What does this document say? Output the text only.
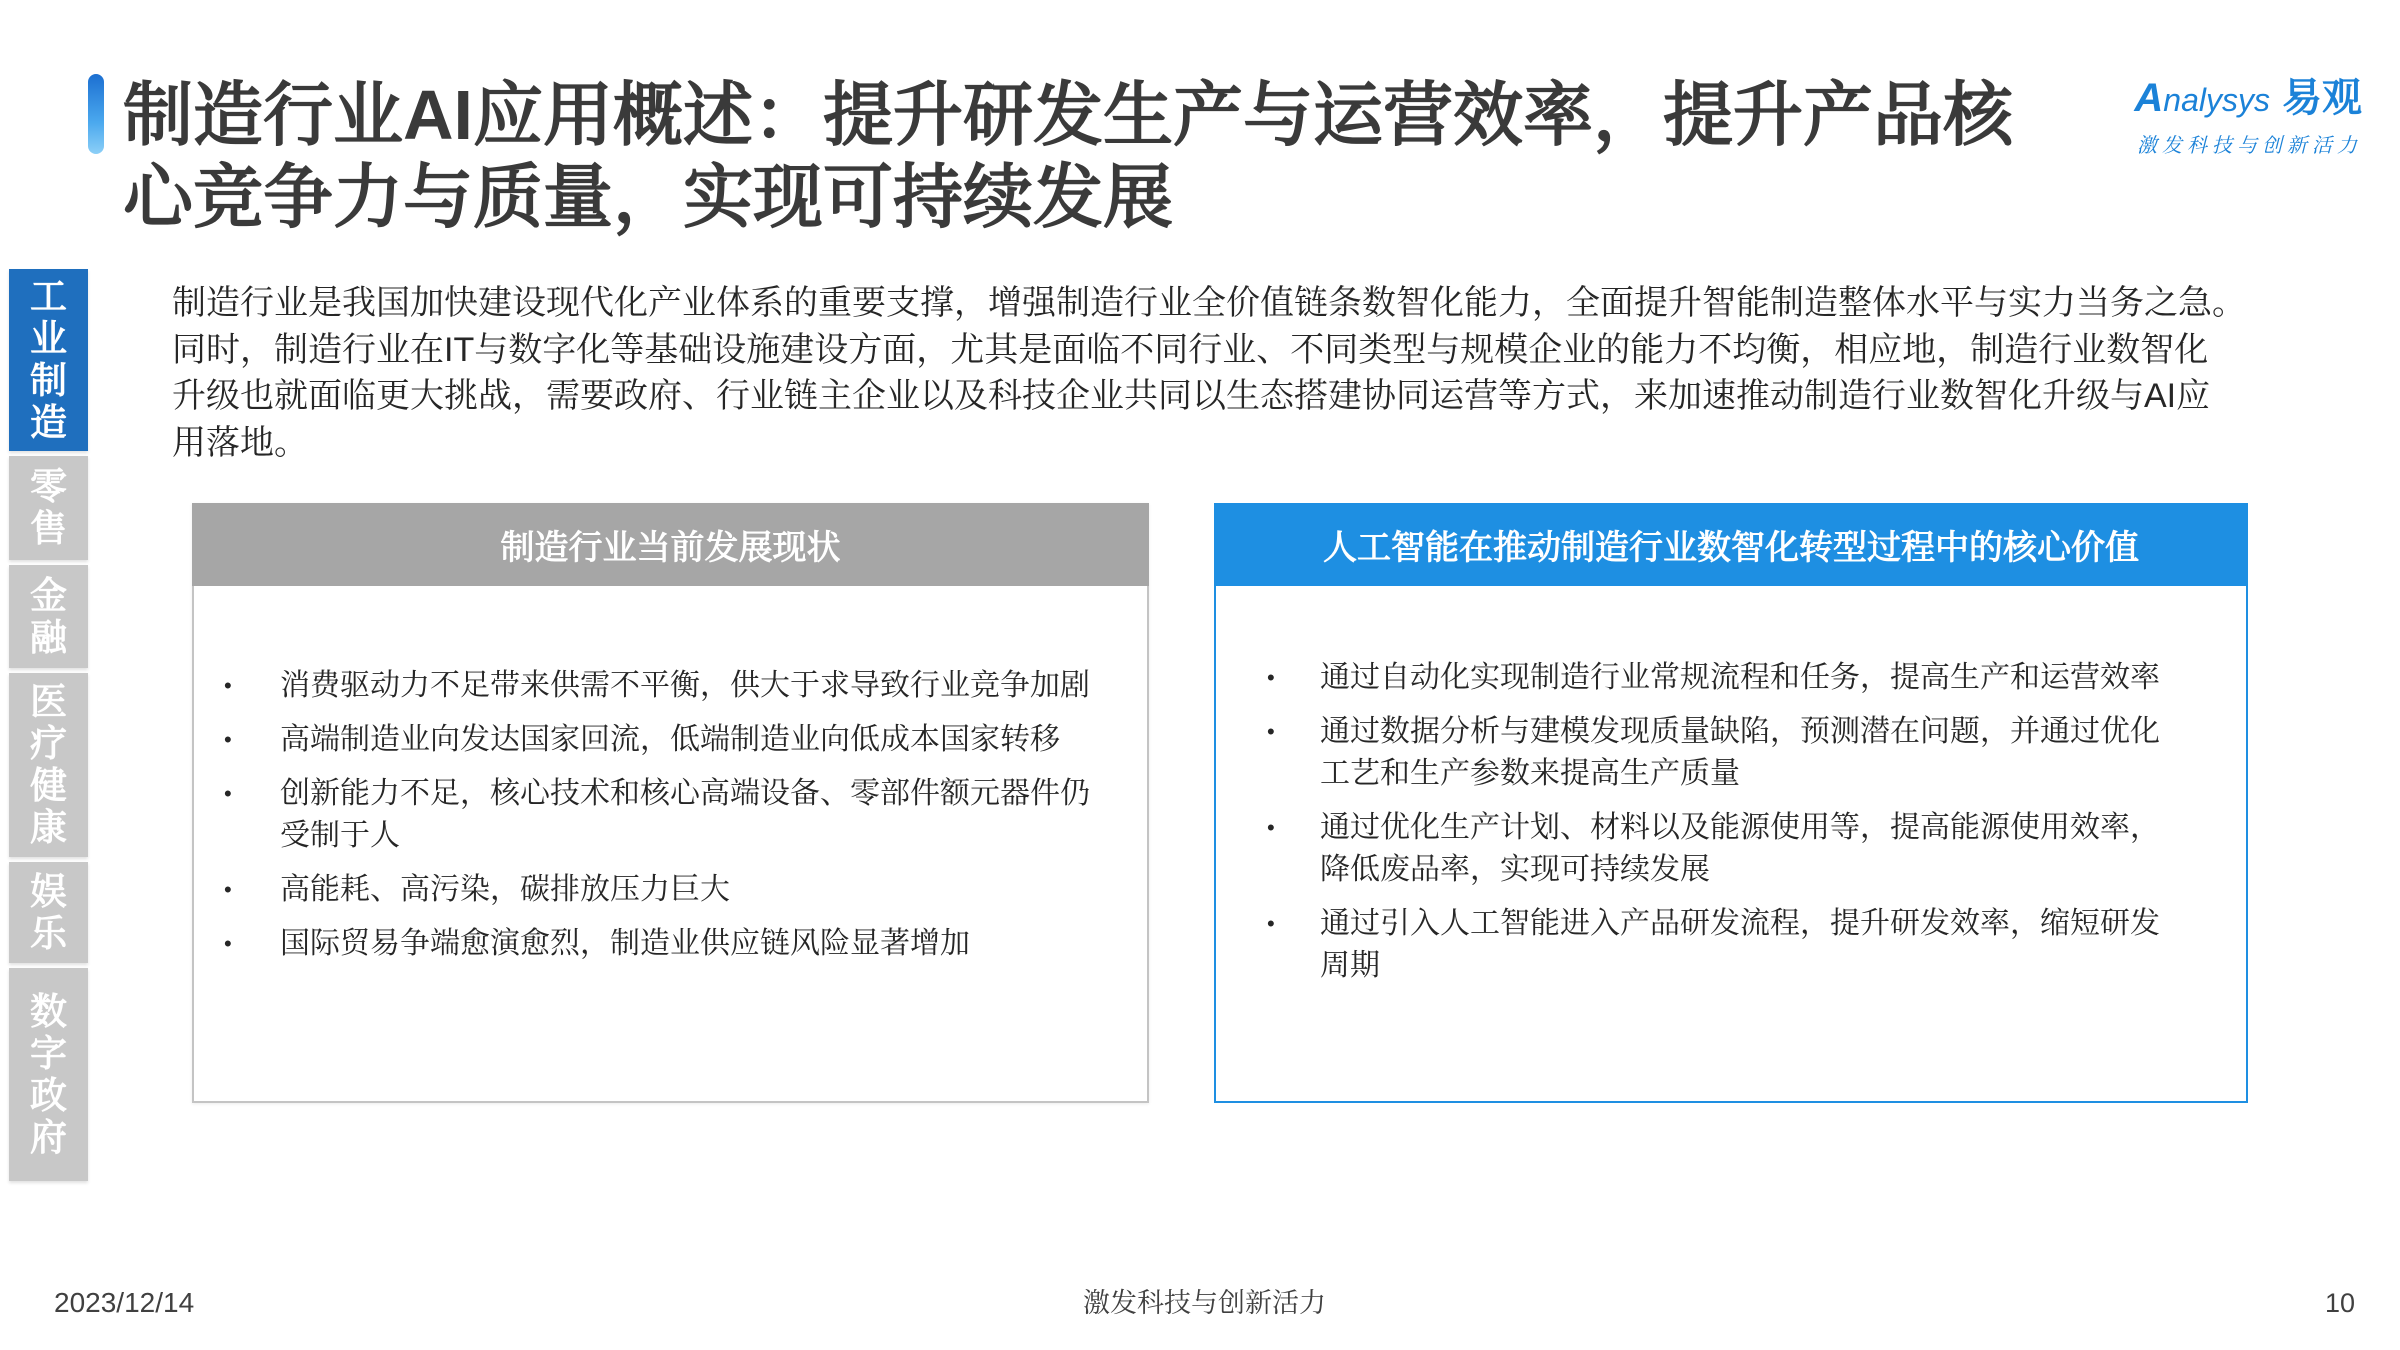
制造行业AI应用概述：提升研发生产与运营效率，提升产品核
心竞争力与质量，实现可持续发展
Analysys 易观
激发科技与创新活力
工业制造
零售
金融
医疗健康
娱乐
数字政府

制造行业是我国加快建设现代化产业体系的重要支撑，增强制造行业全价值链条数智化能力，全面提升智能制造整体水平与实力当务之急。
同时，制造行业在IT与数字化等基础设施建设方面，尤其是面临不同行业、不同类型与规模企业的能力不均衡，相应地，制造行业数智化
升级也就面临更大挑战，需要政府、行业链主企业以及科技企业共同以生态搭建协同运营等方式，来加速推动制造行业数智化升级与AI应
用落地。

制造行业当前发展现状
•
消费驱动力不足带来供需不平衡，供大于求导致行业竞争加剧
•
高端制造业向发达国家回流，低端制造业向低成本国家转移
•
创新能力不足，核心技术和核心高端设备、零部件额元器件仍受制于人
•
高能耗、高污染，碳排放压力巨大
•
国际贸易争端愈演愈烈，制造业供应链风险显著增加
人工智能在推动制造行业数智化转型过程中的核心价值
•
通过自动化实现制造行业常规流程和任务，提高生产和运营效率
•
通过数据分析与建模发现质量缺陷，预测潜在问题，并通过优化工艺和生产参数来提高生产质量
•
通过优化生产计划、材料以及能源使用等，提高能源使用效率，降低废品率，实现可持续发展
•
通过引入人工智能进入产品研发流程，提升研发效率，缩短研发周期
2023/12/14	激发科技与创新活力	10
